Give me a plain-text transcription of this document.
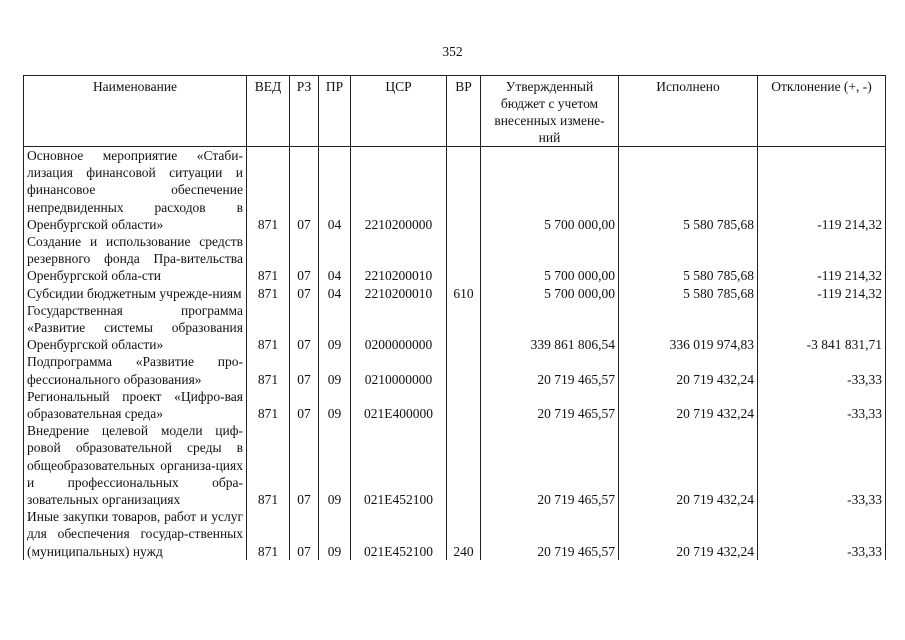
352
Наименование	ВЕД	РЗ	ПР	ЦСР	ВР	Утвержденный бюджет с учетом внесенных измене-ний	Исполнено	Отклонение (+, -)
Основное мероприятие «Стаби-лизация финансовой ситуации и финансовое обеспечение непредвиденных расходов в Оренбургской области»	871	07	04	2210200000		5 700 000,00	5 580 785,68	-119 214,32
Создание и использование средств резервного фонда Пра-вительства Оренбургской обла-сти	871	07	04	2210200010		5 700 000,00	5 580 785,68	-119 214,32
Субсидии бюджетным учрежде-ниям	871	07	04	2210200010	610	5 700 000,00	5 580 785,68	-119 214,32
Государственная программа «Развитие системы образования Оренбургской области»	871	07	09	0200000000		339 861 806,54	336 019 974,83	-3 841 831,71
Подпрограмма «Развитие про-фессионального образования»	871	07	09	0210000000		20 719 465,57	20 719 432,24	-33,33
Региональный проект «Цифро-вая образовательная среда»	871	07	09	021E400000		20 719 465,57	20 719 432,24	-33,33
Внедрение целевой модели циф-ровой образовательной среды в общеобразовательных организа-циях и профессиональных обра-зовательных организациях	871	07	09	021E452100		20 719 465,57	20 719 432,24	-33,33
Иные закупки товаров, работ и услуг для обеспечения государ-ственных (муниципальных) нужд	871	07	09	021E452100	240	20 719 465,57	20 719 432,24	-33,33
